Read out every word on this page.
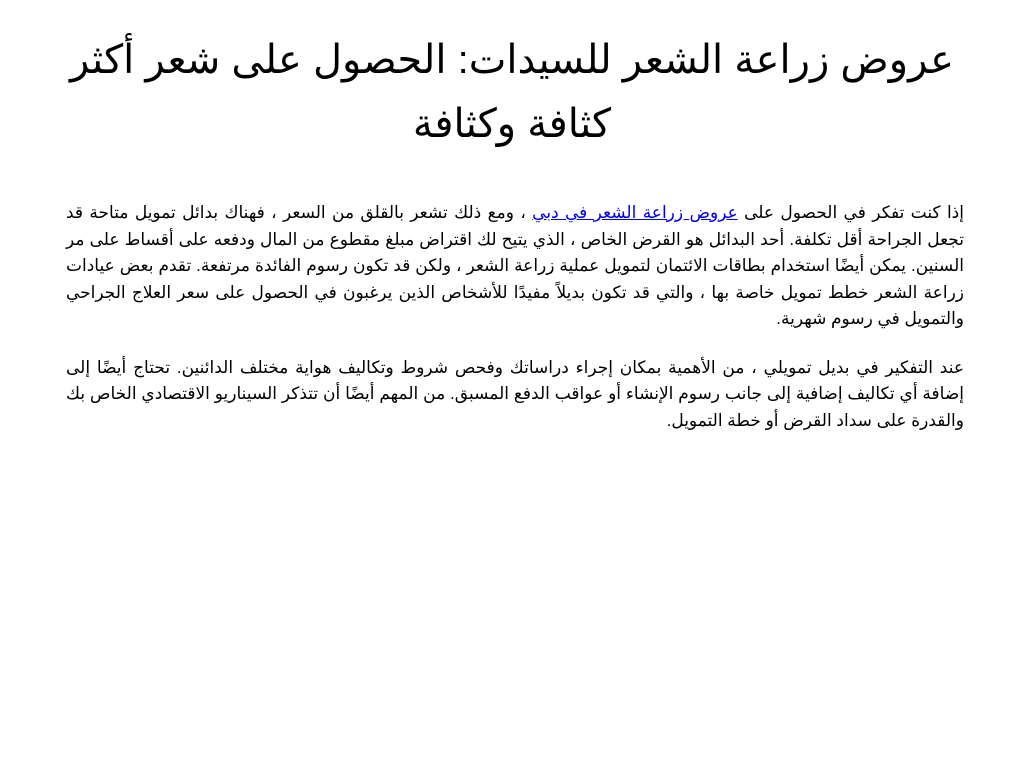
عروض زراعة الشعر للسيدات: الحصول على شعر أكثر كثافة وكثافة

إذا كنت تفكر في الحصول على عروض زراعة الشعر في دبي ، ومع ذلك تشعر بالقلق من السعر ، فهناك بدائل تمويل متاحة قد تجعل الجراحة أقل تكلفة. أحد البدائل هو القرض الخاص ، الذي يتيح لك اقتراض مبلغ مقطوع من المال ودفعه على أقساط على مر السنين. يمكن أيضًا استخدام بطاقات الائتمان لتمويل عملية زراعة الشعر ، ولكن قد تكون رسوم الفائدة مرتفعة. تقدم بعض عيادات زراعة الشعر خطط تمويل خاصة بها ، والتي قد تكون بديلاً مفيدًا للأشخاص الذين يرغبون في الحصول على سعر العلاج الجراحي والتمويل في رسوم شهرية.

عند التفكير في بديل تمويلي ، من الأهمية بمكان إجراء دراساتك وفحص شروط وتكاليف هواية مختلف الدائنين. تحتاج أيضًا إلى إضافة أي تكاليف إضافية إلى جانب رسوم الإنشاء أو عواقب الدفع المسبق. من المهم أيضًا أن تتذكر السيناريو الاقتصادي الخاص بك والقدرة على سداد القرض أو خطة التمويل.
